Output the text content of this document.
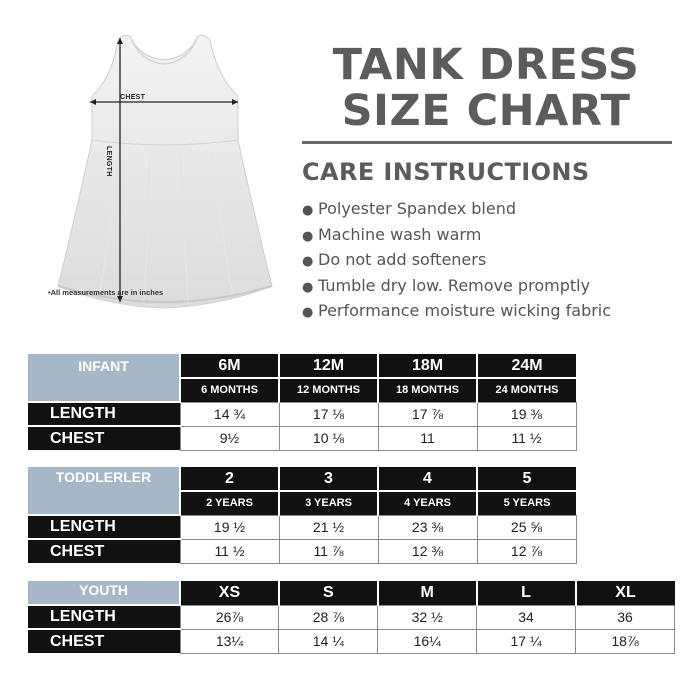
CHEST
LENGTH
•All measurements are in inches
TANK DRESS
SIZE CHART
CARE INSTRUCTIONS
● Polyester Spandex blend
● Machine wash warm
● Do not add softeners
● Tumble dry low. Remove promptly
● Performance moisture wicking fabric
INFANT	6M	12M	18M	24M	
	6 MONTHS	12 MONTHS	18 MONTHS	24 MONTHS	
LENGTH	14 ¾	17 ⅛	17 ⅞	19 ⅜	
CHEST	9½	10 ⅛	11	11 ½	
TODDLERLER	2	3	4	5	
	2 YEARS	3 YEARS	4 YEARS	5 YEARS	
LENGTH	19 ½	21 ½	23 ⅜	25 ⅝	
CHEST	11 ½	11 ⅞	12 ⅜	12 ⅞	
YOUTH	XS	S	M	L	XL
LENGTH	26⅞	28 ⅞	32 ½	34	36
CHEST	13¼	14 ¼	16¼	17 ¼	18⅞
